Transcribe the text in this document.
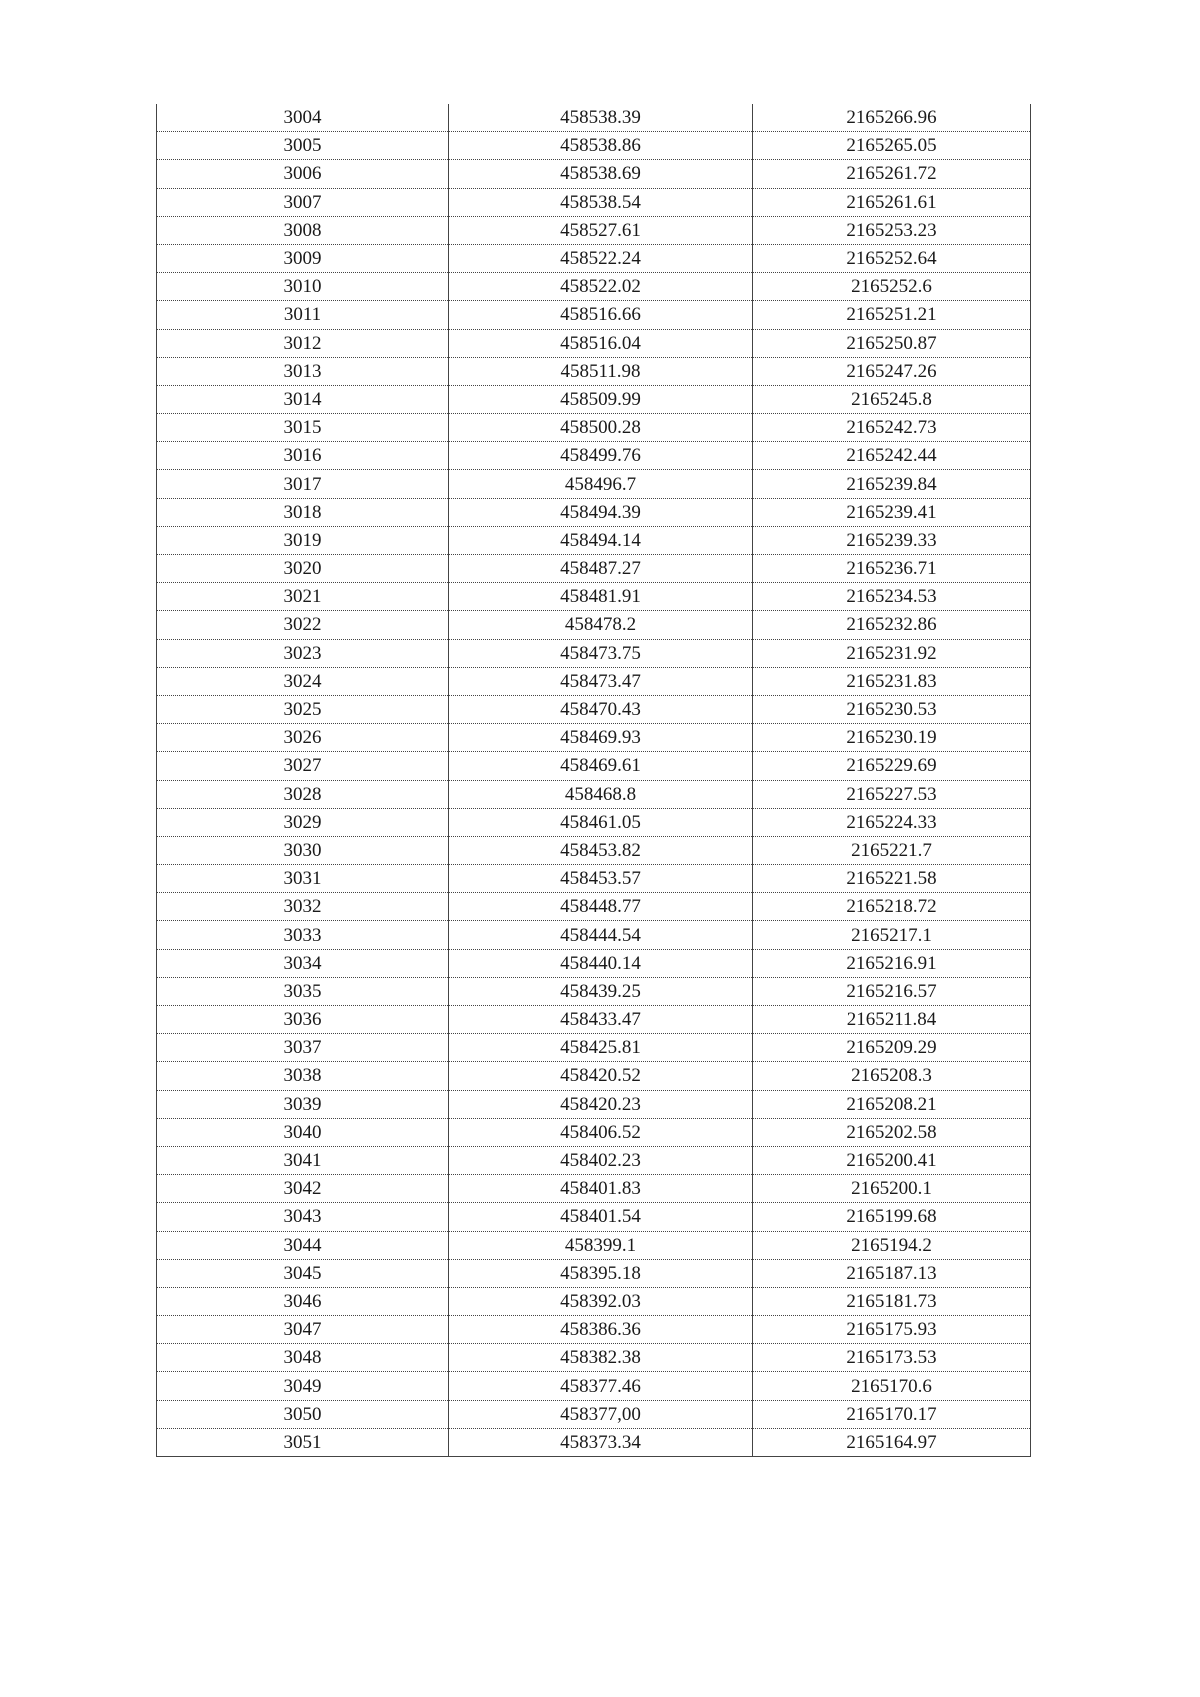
3004	458538.39	2165266.96
3005	458538.86	2165265.05
3006	458538.69	2165261.72
3007	458538.54	2165261.61
3008	458527.61	2165253.23
3009	458522.24	2165252.64
3010	458522.02	2165252.6
3011	458516.66	2165251.21
3012	458516.04	2165250.87
3013	458511.98	2165247.26
3014	458509.99	2165245.8
3015	458500.28	2165242.73
3016	458499.76	2165242.44
3017	458496.7	2165239.84
3018	458494.39	2165239.41
3019	458494.14	2165239.33
3020	458487.27	2165236.71
3021	458481.91	2165234.53
3022	458478.2	2165232.86
3023	458473.75	2165231.92
3024	458473.47	2165231.83
3025	458470.43	2165230.53
3026	458469.93	2165230.19
3027	458469.61	2165229.69
3028	458468.8	2165227.53
3029	458461.05	2165224.33
3030	458453.82	2165221.7
3031	458453.57	2165221.58
3032	458448.77	2165218.72
3033	458444.54	2165217.1
3034	458440.14	2165216.91
3035	458439.25	2165216.57
3036	458433.47	2165211.84
3037	458425.81	2165209.29
3038	458420.52	2165208.3
3039	458420.23	2165208.21
3040	458406.52	2165202.58
3041	458402.23	2165200.41
3042	458401.83	2165200.1
3043	458401.54	2165199.68
3044	458399.1	2165194.2
3045	458395.18	2165187.13
3046	458392.03	2165181.73
3047	458386.36	2165175.93
3048	458382.38	2165173.53
3049	458377.46	2165170.6
3050	458377,00	2165170.17
3051	458373.34	2165164.97
